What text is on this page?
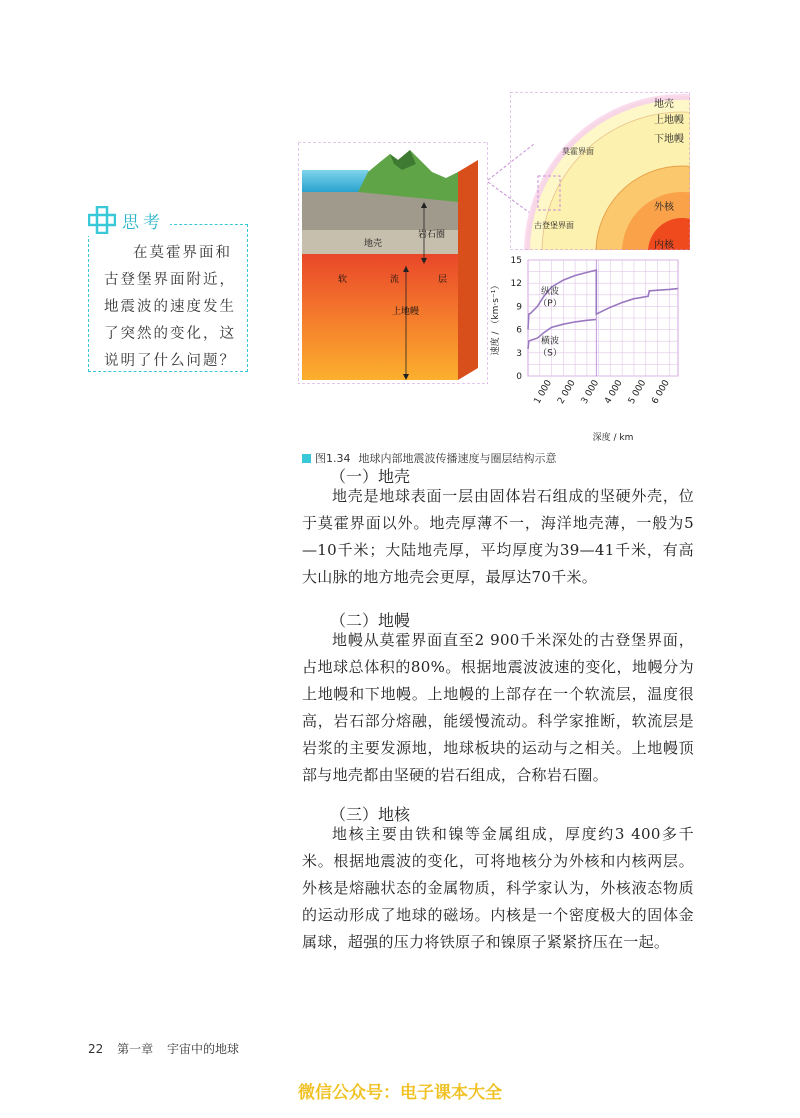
思考
在莫霍界面和古登堡界面附近，地震波的速度发生了突然的变化，这说明了什么问题？
岩石圈
地壳
软	流	层
上地幔
莫霍界面
古登堡界面
地壳
上地幔
下地幔
外核
内核
0
3
6
9
12
15
1 000 2 000 3 000 4 000 5 000 6 000
速度 / （km·s⁻¹）
深度 / km
纵波
（P）
横波
（S）
图1.34 地球内部地震波传播速度与圈层结构示意
（一）地壳
地壳是地球表面一层由固体岩石组成的坚硬外壳，位于莫霍界面以外。地壳厚薄不一，海洋地壳薄，一般为5—10千米；大陆地壳厚，平均厚度为39—41千米，有高大山脉的地方地壳会更厚，最厚达70千米。
（二）地幔
地幔从莫霍界面直至2 900千米深处的古登堡界面，占地球总体积的80%。根据地震波波速的变化，地幔分为上地幔和下地幔。上地幔的上部存在一个软流层，温度很高，岩石部分熔融，能缓慢流动。科学家推断，软流层是岩浆的主要发源地，地球板块的运动与之相关。上地幔顶部与地壳都由坚硬的岩石组成，合称岩石圈。
（三）地核
地核主要由铁和镍等金属组成，厚度约3 400多千米。根据地震波的变化，可将地核分为外核和内核两层。外核是熔融状态的金属物质，科学家认为，外核液态物质的运动形成了地球的磁场。内核是一个密度极大的固体金属球，超强的压力将铁原子和镍原子紧紧挤压在一起。
22 第一章 宇宙中的地球
微信公众号：电子课本大全
